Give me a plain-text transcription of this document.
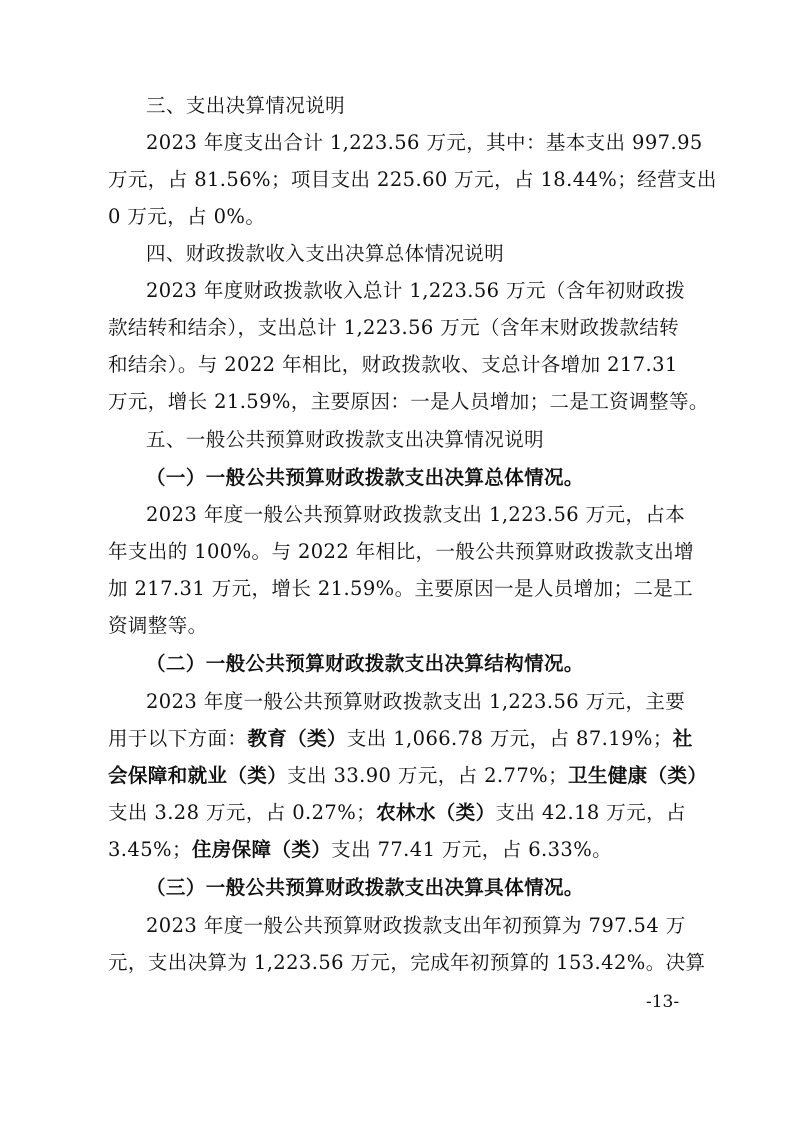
三、支出决算情况说明
2023 年度支出合计 1,223.56 万元，其中：基本支出 997.95
万元，占 81.56%；项目支出 225.60 万元，占 18.44%；经营支出
0 万元，占 0%。
四、财政拨款收入支出决算总体情况说明
2023 年度财政拨款收入总计 1,223.56 万元（含年初财政拨
款结转和结余），支出总计 1,223.56 万元（含年末财政拨款结转
和结余）。与 2022 年相比，财政拨款收、支总计各增加 217.31
万元，增长 21.59%，主要原因：一是人员增加；二是工资调整等。
五、一般公共预算财政拨款支出决算情况说明
（一）一般公共预算财政拨款支出决算总体情况。
2023 年度一般公共预算财政拨款支出 1,223.56 万元，占本
年支出的 100%。与 2022 年相比，一般公共预算财政拨款支出增
加 217.31 万元，增长 21.59%。主要原因一是人员增加；二是工
资调整等。
（二）一般公共预算财政拨款支出决算结构情况。
2023 年度一般公共预算财政拨款支出 1,223.56 万元，主要
用于以下方面：教育（类）支出 1,066.78 万元，占 87.19%；社
会保障和就业（类）支出 33.90 万元，占 2.77%；卫生健康（类）
支出 3.28 万元，占 0.27%；农林水（类）支出 42.18 万元，占
3.45%；住房保障（类）支出 77.41 万元，占 6.33%。
（三）一般公共预算财政拨款支出决算具体情况。
2023 年度一般公共预算财政拨款支出年初预算为 797.54 万
元，支出决算为 1,223.56 万元，完成年初预算的 153.42%。决算
-13-
